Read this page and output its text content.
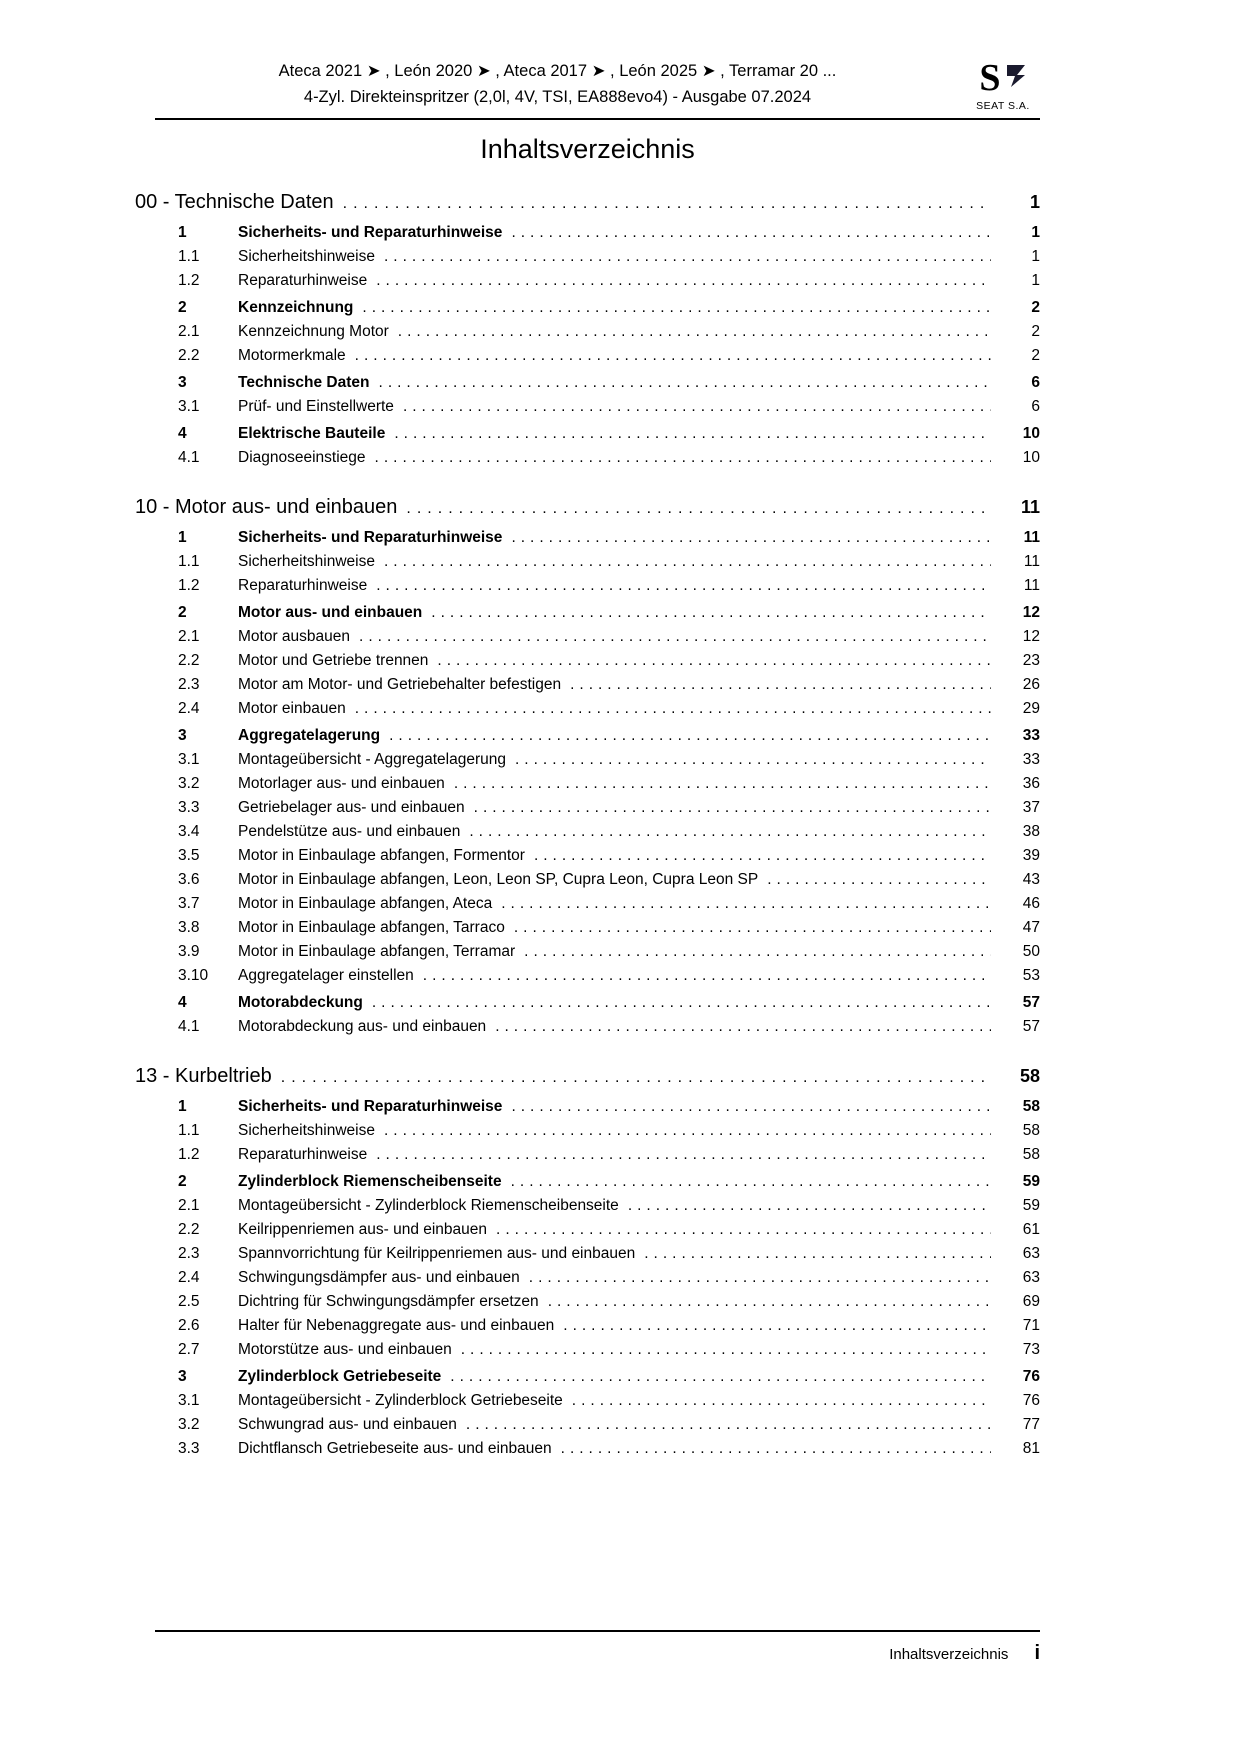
Ateca 2021 ➤ , León 2020 ➤ , Ateca 2017 ➤ , León 2025 ➤ , Terramar 20 ...
4-Zyl. Direkteinspritzer (2,0l, 4V, TSI, EA888evo4) - Ausgabe 07.2024	S
SEAT S.A.
Inhaltsverzeichnis
00 - Technische Daten .....	1
1	Sicherheits- und Reparaturhinweise .....	1
1.1	Sicherheitshinweise .....	1
1.2	Reparaturhinweise .....	1
2	Kennzeichnung .....	2
2.1	Kennzeichnung Motor .....	2
2.2	Motormerkmale .....	2
3	Technische Daten .....	6
3.1	Prüf- und Einstellwerte .....	6
4	Elektrische Bauteile .....	10
4.1	Diagnoseeinstiege .....	10
10 - Motor aus- und einbauen .....	11
1	Sicherheits- und Reparaturhinweise .....	11
1.1	Sicherheitshinweise .....	11
1.2	Reparaturhinweise .....	11
2	Motor aus- und einbauen .....	12
2.1	Motor ausbauen .....	12
2.2	Motor und Getriebe trennen .....	23
2.3	Motor am Motor- und Getriebehalter befestigen .....	26
2.4	Motor einbauen .....	29
3	Aggregatelagerung .....	33
3.1	Montageübersicht - Aggregatelagerung .....	33
3.2	Motorlager aus- und einbauen .....	36
3.3	Getriebelager aus- und einbauen .....	37
3.4	Pendelstütze aus- und einbauen .....	38
3.5	Motor in Einbaulage abfangen, Formentor .....	39
3.6	Motor in Einbaulage abfangen, Leon, Leon SP, Cupra Leon, Cupra Leon SP .....	43
3.7	Motor in Einbaulage abfangen, Ateca .....	46
3.8	Motor in Einbaulage abfangen, Tarraco .....	47
3.9	Motor in Einbaulage abfangen, Terramar .....	50
3.10	Aggregatelager einstellen .....	53
4	Motorabdeckung .....	57
4.1	Motorabdeckung aus- und einbauen .....	57
13 - Kurbeltrieb .....	58
1	Sicherheits- und Reparaturhinweise .....	58
1.1	Sicherheitshinweise .....	58
1.2	Reparaturhinweise .....	58
2	Zylinderblock Riemenscheibenseite .....	59
2.1	Montageübersicht - Zylinderblock Riemenscheibenseite .....	59
2.2	Keilrippenriemen aus- und einbauen .....	61
2.3	Spannvorrichtung für Keilrippenriemen aus- und einbauen .....	63
2.4	Schwingungsdämpfer aus- und einbauen .....	63
2.5	Dichtring für Schwingungsdämpfer ersetzen .....	69
2.6	Halter für Nebenaggregate aus- und einbauen .....	71
2.7	Motorstütze aus- und einbauen .....	73
3	Zylinderblock Getriebeseite .....	76
3.1	Montageübersicht - Zylinderblock Getriebeseite .....	76
3.2	Schwungrad aus- und einbauen .....	77
3.3	Dichtflansch Getriebeseite aus- und einbauen .....	81
Inhaltsverzeichnis i
